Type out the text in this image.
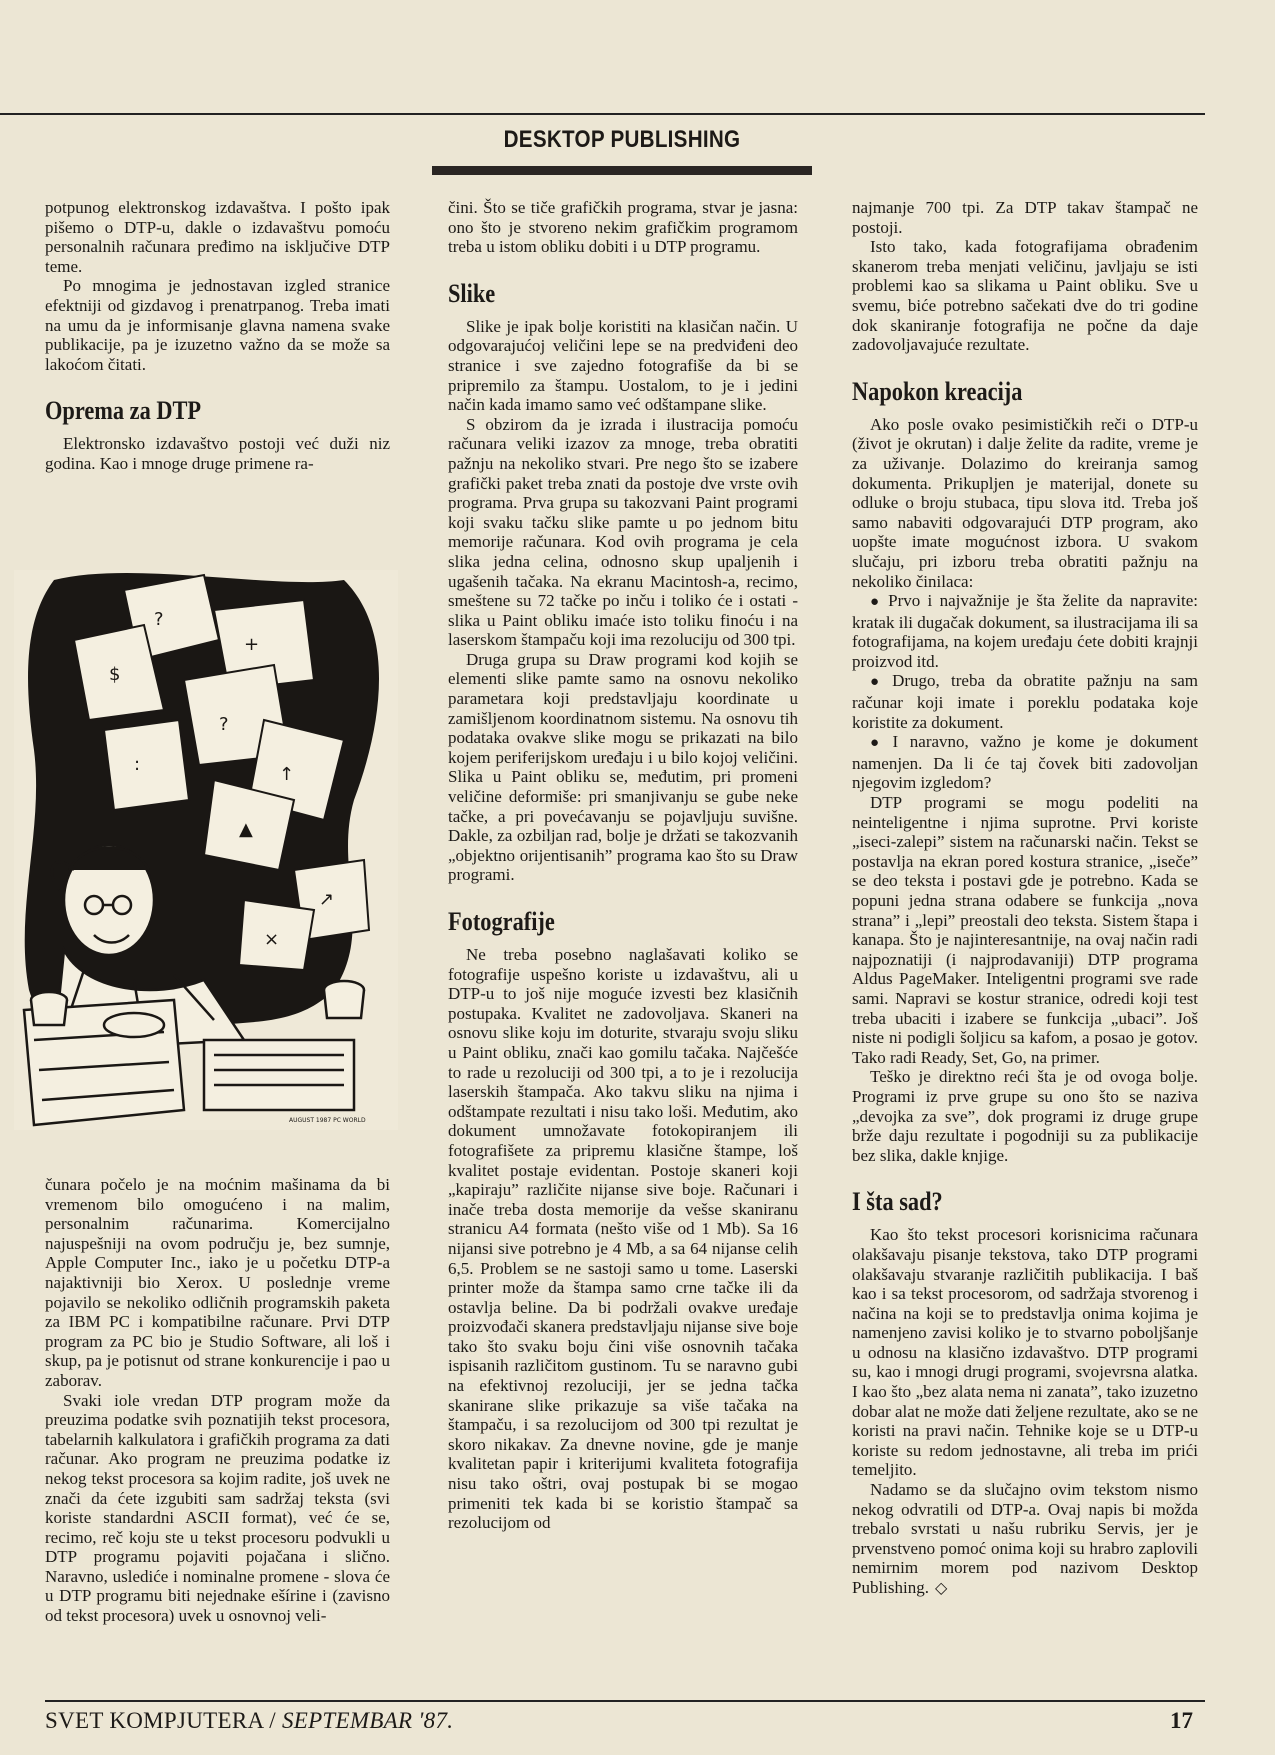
DESKTOP PUBLISHING

potpunog elektronskog izdavaštva. I pošto ipak pišemo o DTP-u, dakle o izdavaštvu pomoću personalnih računara pređimo na isključive DTP teme.

Po mnogima je jednostavan izgled stranice efektniji od gizdavog i prenatrpanog. Treba imati na umu da je informisanje glavna namena svake publikacije, pa je izuzetno važno da se može sa lakoćom čitati.

Oprema za DTP

Elektronsko izdavaštvo postoji već duži niz godina. Kao i mnoge druge primene ra-

?
$
+
?
:	↑
▲
↗
×
AUGUST 1987 PC WORLD

čunara počelo je na moćnim mašinama da bi vremenom bilo omogućeno i na malim, personalnim računarima. Komercijalno najuspešniji na ovom području je, bez sumnje, Apple Computer Inc., iako je u početku DTP-a najaktivniji bio Xerox. U poslednje vreme pojavilo se nekoliko odličnih programskih paketa za IBM PC i kompatibilne računare. Prvi DTP program za PC bio je Studio Software, ali loš i skup, pa je potisnut od strane konkurencije i pao u zaborav.

Svaki iole vredan DTP program može da preuzima podatke svih poznatijih tekst procesora, tabelarnih kalkulatora i grafičkih programa za dati računar. Ako program ne preuzima podatke iz nekog tekst procesora sa kojim radite, još uvek ne znači da ćete izgubiti sam sadržaj teksta (svi koriste standardni ASCII format), već će se, recimo, reč koju ste u tekst procesoru podvukli u DTP programu pojaviti pojačana i slično. Naravno, uslediće i nominalne promene - slova će u DTP programu biti nejednake ešírine i (zavisno od tekst procesora) uvek u osnovnoj veli-

čini. Što se tiče grafičkih programa, stvar je jasna: ono što je stvoreno nekim grafičkim programom treba u istom obliku dobiti i u DTP programu.

Slike

Slike je ipak bolje koristiti na klasičan način. U odgovarajućoj veličini lepe se na predviđeni deo stranice i sve zajedno fotografiše da bi se pripremilo za štampu. Uostalom, to je i jedini način kada imamo samo već odštampane slike.

S obzirom da je izrada i ilustracija pomoću računara veliki izazov za mnoge, treba obratiti pažnju na nekoliko stvari. Pre nego što se izabere grafički paket treba znati da postoje dve vrste ovih programa. Prva grupa su takozvani Paint programi koji svaku tačku slike pamte u po jednom bitu memorije računara. Kod ovih programa je cela slika jedna celina, odnosno skup upaljenih i ugašenih tačaka. Na ekranu Macintosh-a, recimo, smeštene su 72 tačke po inču i toliko će i ostati - slika u Paint obliku imaće isto toliku finoću i na laserskom štampaču koji ima rezoluciju od 300 tpi.

Druga grupa su Draw programi kod kojih se elementi slike pamte samo na osnovu nekoliko parametara koji predstavljaju koordinate u zamišljenom koordinatnom sistemu. Na osnovu tih podataka ovakve slike mogu se prikazati na bilo kojem periferijskom uređaju i u bilo kojoj veličini. Slika u Paint obliku se, međutim, pri promeni veličine deformiše: pri smanjivanju se gube neke tačke, a pri povećavanju se pojavljuju suvišne. Dakle, za ozbiljan rad, bolje je držati se takozvanih „objektno orijentisanih” programa kao što su Draw programi.

Fotografije

Ne treba posebno naglašavati koliko se fotografije uspešno koriste u izdavaštvu, ali u DTP-u to još nije moguće izvesti bez klasičnih postupaka. Kvalitet ne zadovoljava. Skaneri na osnovu slike koju im doturite, stvaraju svoju sliku u Paint obliku, znači kao gomilu tačaka. Najčešće to rade u rezoluciji od 300 tpi, a to je i rezolucija laserskih štampača. Ako takvu sliku na njima i odštampate rezultati i nisu tako loši. Međutim, ako dokument umnožavate fotokopiranjem ili fotografišete za pripremu klasične štampe, loš kvalitet postaje evidentan. Postoje skaneri koji „kapiraju” različite nijanse sive boje. Računari i inače treba dosta memorije da vešse skaniranu stranicu A4 formata (nešto više od 1 Mb). Sa 16 nijansi sive potrebno je 4 Mb, a sa 64 nijanse celih 6,5. Problem se ne sastoji samo u tome. Laserski printer može da štampa samo crne tačke ili da ostavlja beline. Da bi podržali ovakve uređaje proizvođači skanera predstavljaju nijanse sive boje tako što svaku boju čini više osnovnih tačaka ispisanih različitom gustinom. Tu se naravno gubi na efektivnoj rezoluciji, jer se jedna tačka skanirane slike prikazuje sa više tačaka na štampaču, i sa rezolucijom od 300 tpi rezultat je skoro nikakav. Za dnevne novine, gde je manje kvalitetan papir i kriterijumi kvaliteta fotografija nisu tako oštri, ovaj postupak bi se mogao primeniti tek kada bi se koristio štampač sa rezolucijom od

najmanje 700 tpi. Za DTP takav štampač ne postoji.

Isto tako, kada fotografijama obrađenim skanerom treba menjati veličinu, javljaju se isti problemi kao sa slikama u Paint obliku. Sve u svemu, biće potrebno sačekati dve do tri godine dok skaniranje fotografija ne počne da daje zadovoljavajuće rezultate.

Napokon kreacija

Ako posle ovako pesimističkih reči o DTP-u (život je okrutan) i dalje želite da radite, vreme je za uživanje. Dolazimo do kreiranja samog dokumenta. Prikupljen je materijal, donete su odluke o broju stubaca, tipu slova itd. Treba još samo nabaviti odgovarajući DTP program, ako uopšte imate mogućnost izbora. U svakom slučaju, pri izboru treba obratiti pažnju na nekoliko činilaca:

● Prvo i najvažnije je šta želite da napravite: kratak ili dugačak dokument, sa ilustracijama ili sa fotografijama, na kojem uređaju ćete dobiti krajnji proizvod itd.

● Drugo, treba da obratite pažnju na sam računar koji imate i poreklu podataka koje koristite za dokument.

● I naravno, važno je kome je dokument namenjen. Da li će taj čovek biti zadovoljan njegovim izgledom?

DTP programi se mogu podeliti na neinteligentne i njima suprotne. Prvi koriste „iseci-zalepi” sistem na računarski način. Tekst se postavlja na ekran pored kostura stranice, „iseče” se deo teksta i postavi gde je potrebno. Kada se popuni jedna strana odabere se funkcija „nova strana” i „lepi” preostali deo teksta. Sistem štapa i kanapa. Što je najinteresantnije, na ovaj način radi najpoznatiji (i najprodavaniji) DTP programa Aldus PageMaker. Inteligentni programi sve rade sami. Napravi se kostur stranice, odredi koji test treba ubaciti i izabere se funkcija „ubaci”. Još niste ni podigli šoljicu sa kafom, a posao je gotov. Tako radi Ready, Set, Go, na primer.

Teško je direktno reći šta je od ovoga bolje. Programi iz prve grupe su ono što se naziva „devojka za sve”, dok programi iz druge grupe brže daju rezultate i pogodniji su za publikacije bez slika, dakle knjige.

I šta sad?

Kao što tekst procesori korisnicima računara olakšavaju pisanje tekstova, tako DTP programi olakšavaju stvaranje različitih publikacija. I baš kao i sa tekst procesorom, od sadržaja stvorenog i načina na koji se to predstavlja onima kojima je namenjeno zavisi koliko je to stvarno poboljšanje u odnosu na klasično izdavaštvo. DTP programi su, kao i mnogi drugi programi, svojevrsna alatka. I kao što „bez alata nema ni zanata”, tako izuzetno dobar alat ne može dati željene rezultate, ako se ne koristi na pravi način. Tehnike koje se u DTP-u koriste su redom jednostavne, ali treba im prići temeljito.

Nadamo se da slučajno ovim tekstom nismo nekog odvratili od DTP-a. Ovaj napis bi možda trebalo svrstati u našu rubriku Servis, jer je prvenstveno pomoć onima koji su hrabro zaplovili nemirnim morem pod nazivom Desktop Publishing. ◇

SVET KOMPJUTERA / SEPTEMBAR '87.	17
